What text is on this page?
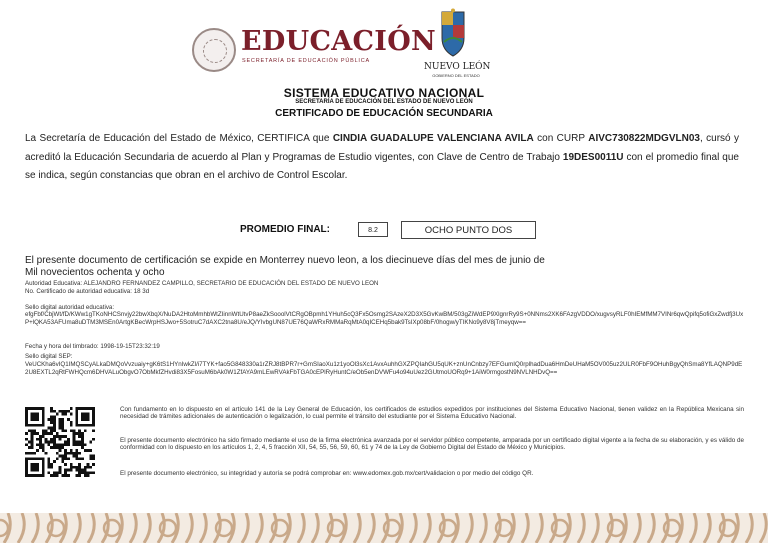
EDUCACIÓN
SECRETARÍA DE EDUCACIÓN PÚBLICA
NUEVO LEÓN
GOBIERNO DEL ESTADO
SISTEMA EDUCATIVO NACIONAL
SECRETARÍA DE EDUCACIÓN DEL ESTADO DE NUEVO LEÓN
CERTIFICADO DE EDUCACIÓN SECUNDARIA
La Secretaría de Educación del Estado de México, CERTIFICA que CINDIA GUADALUPE VALENCIANA AVILA con CURP AIVC730822MDGVLN03, cursó y acreditó la Educación Secundaria de acuerdo al Plan y Programas de Estudio vigentes, con Clave de Centro de Trabajo 19DES0011U con el promedio final que se indica, según constancias que obran en el archivo de Control Escolar.
PROMEDIO FINAL:	8.2	OCHO PUNTO DOS
El presente documento de certificación se expide en Monterrey nuevo leon, a los diecinueve días del mes de junio de
Mil novecientos ochenta y ocho
Autoridad Educativa: ALEJANDRO FERNANDEZ CAMPILLO, SECRETARIO DE EDUCACIÓN DEL ESTADO DE NUEVO LEON
No. Certificado de autoridad educativa: 18 3d
Sello digital autoridad educativa:
efgFbf/CbjWt/fD/KWw1gTKoNHCSnvjy22bwXbqX/NuDA2HtoMmhbWtZIinnWtUtvP8aeZkSooolVtCRgOBpmh1YHuh5cQ3Fx5Osmg2SAzeX2D3X5GvKwBM/503gZiWdEP9XlgnrRy9S+0NNms2XK6FAzgVDDO/xugvsyRLF0hIEMfMM7VINr6qwQpifq5ofiGxZwdfj3UxP+lQKA53AFUma8uDTM3MSEn0ArtgKBecWrpHSJwo+5SotruC7dAXC2tna8U/eJQ/YIvbgUN87UE76QaWRxRMMaRqMtA0qICEHq5bak9TsIXp08bF/0hogw/yTIKNo9y8V8jTmeyqw==
Fecha y hora del timbrado: 1998-19-15T23:32:19
Sello digital SEP:
VeUCKha6vIQ1IMQSCyALkaDMQoVvzuaiy+gK6tS1HYnIwkZl/i7TYK+fao5G848330a1rZRJ8tBPR7r+GmSIaoXu1z1yoOl3sXc1AvxAuhhGXZPQIahGU5qUK+znUnCnbzy7EFGumIQ0rplhadDua6HmDeUHaM5OV005uz2ULR0FbF9OHuhBgyQhSma8YfLAQNP9dE2U8EXTL2qRtFWHQcm6DHVALuObgvO7ObMkfZHvdi83X5FosuM6bAk0W1ZfAYA9mLEwRVAkFbTGA0cEPlRyHuntC/eOb5enDVWFu4o94uUez2GUtmoUORq9+1AiW0rmgostN9NVLNHDvQ==
Con fundamento en lo dispuesto en el artículo 141 de la Ley General de Educación, los certificados de estudios expedidos por instituciones del Sistema Educativo Nacional, tienen validez en la República Mexicana sin necesidad de trámites adicionales de autenticación o legalización, lo cual permite el tránsito del estudiante por el Sistema Educativo Nacional.
El presente documento electrónico ha sido firmado mediante el uso de la firma electrónica avanzada por el servidor público competente, amparada por un certificado digital vigente a la fecha de su elaboración, y es válido de conformidad con lo dispuesto en los artículos 1, 2, 4, 5 fracción XII, 54, 55, 56, 59, 60, 61 y 74 de la Ley de Gobierno Digital del Estado de México y Municipios.
El presente documento electrónico, su integridad y autoría se podrá comprobar en: www.edomex.gob.mx/cert/validacion o por medio del código QR.
